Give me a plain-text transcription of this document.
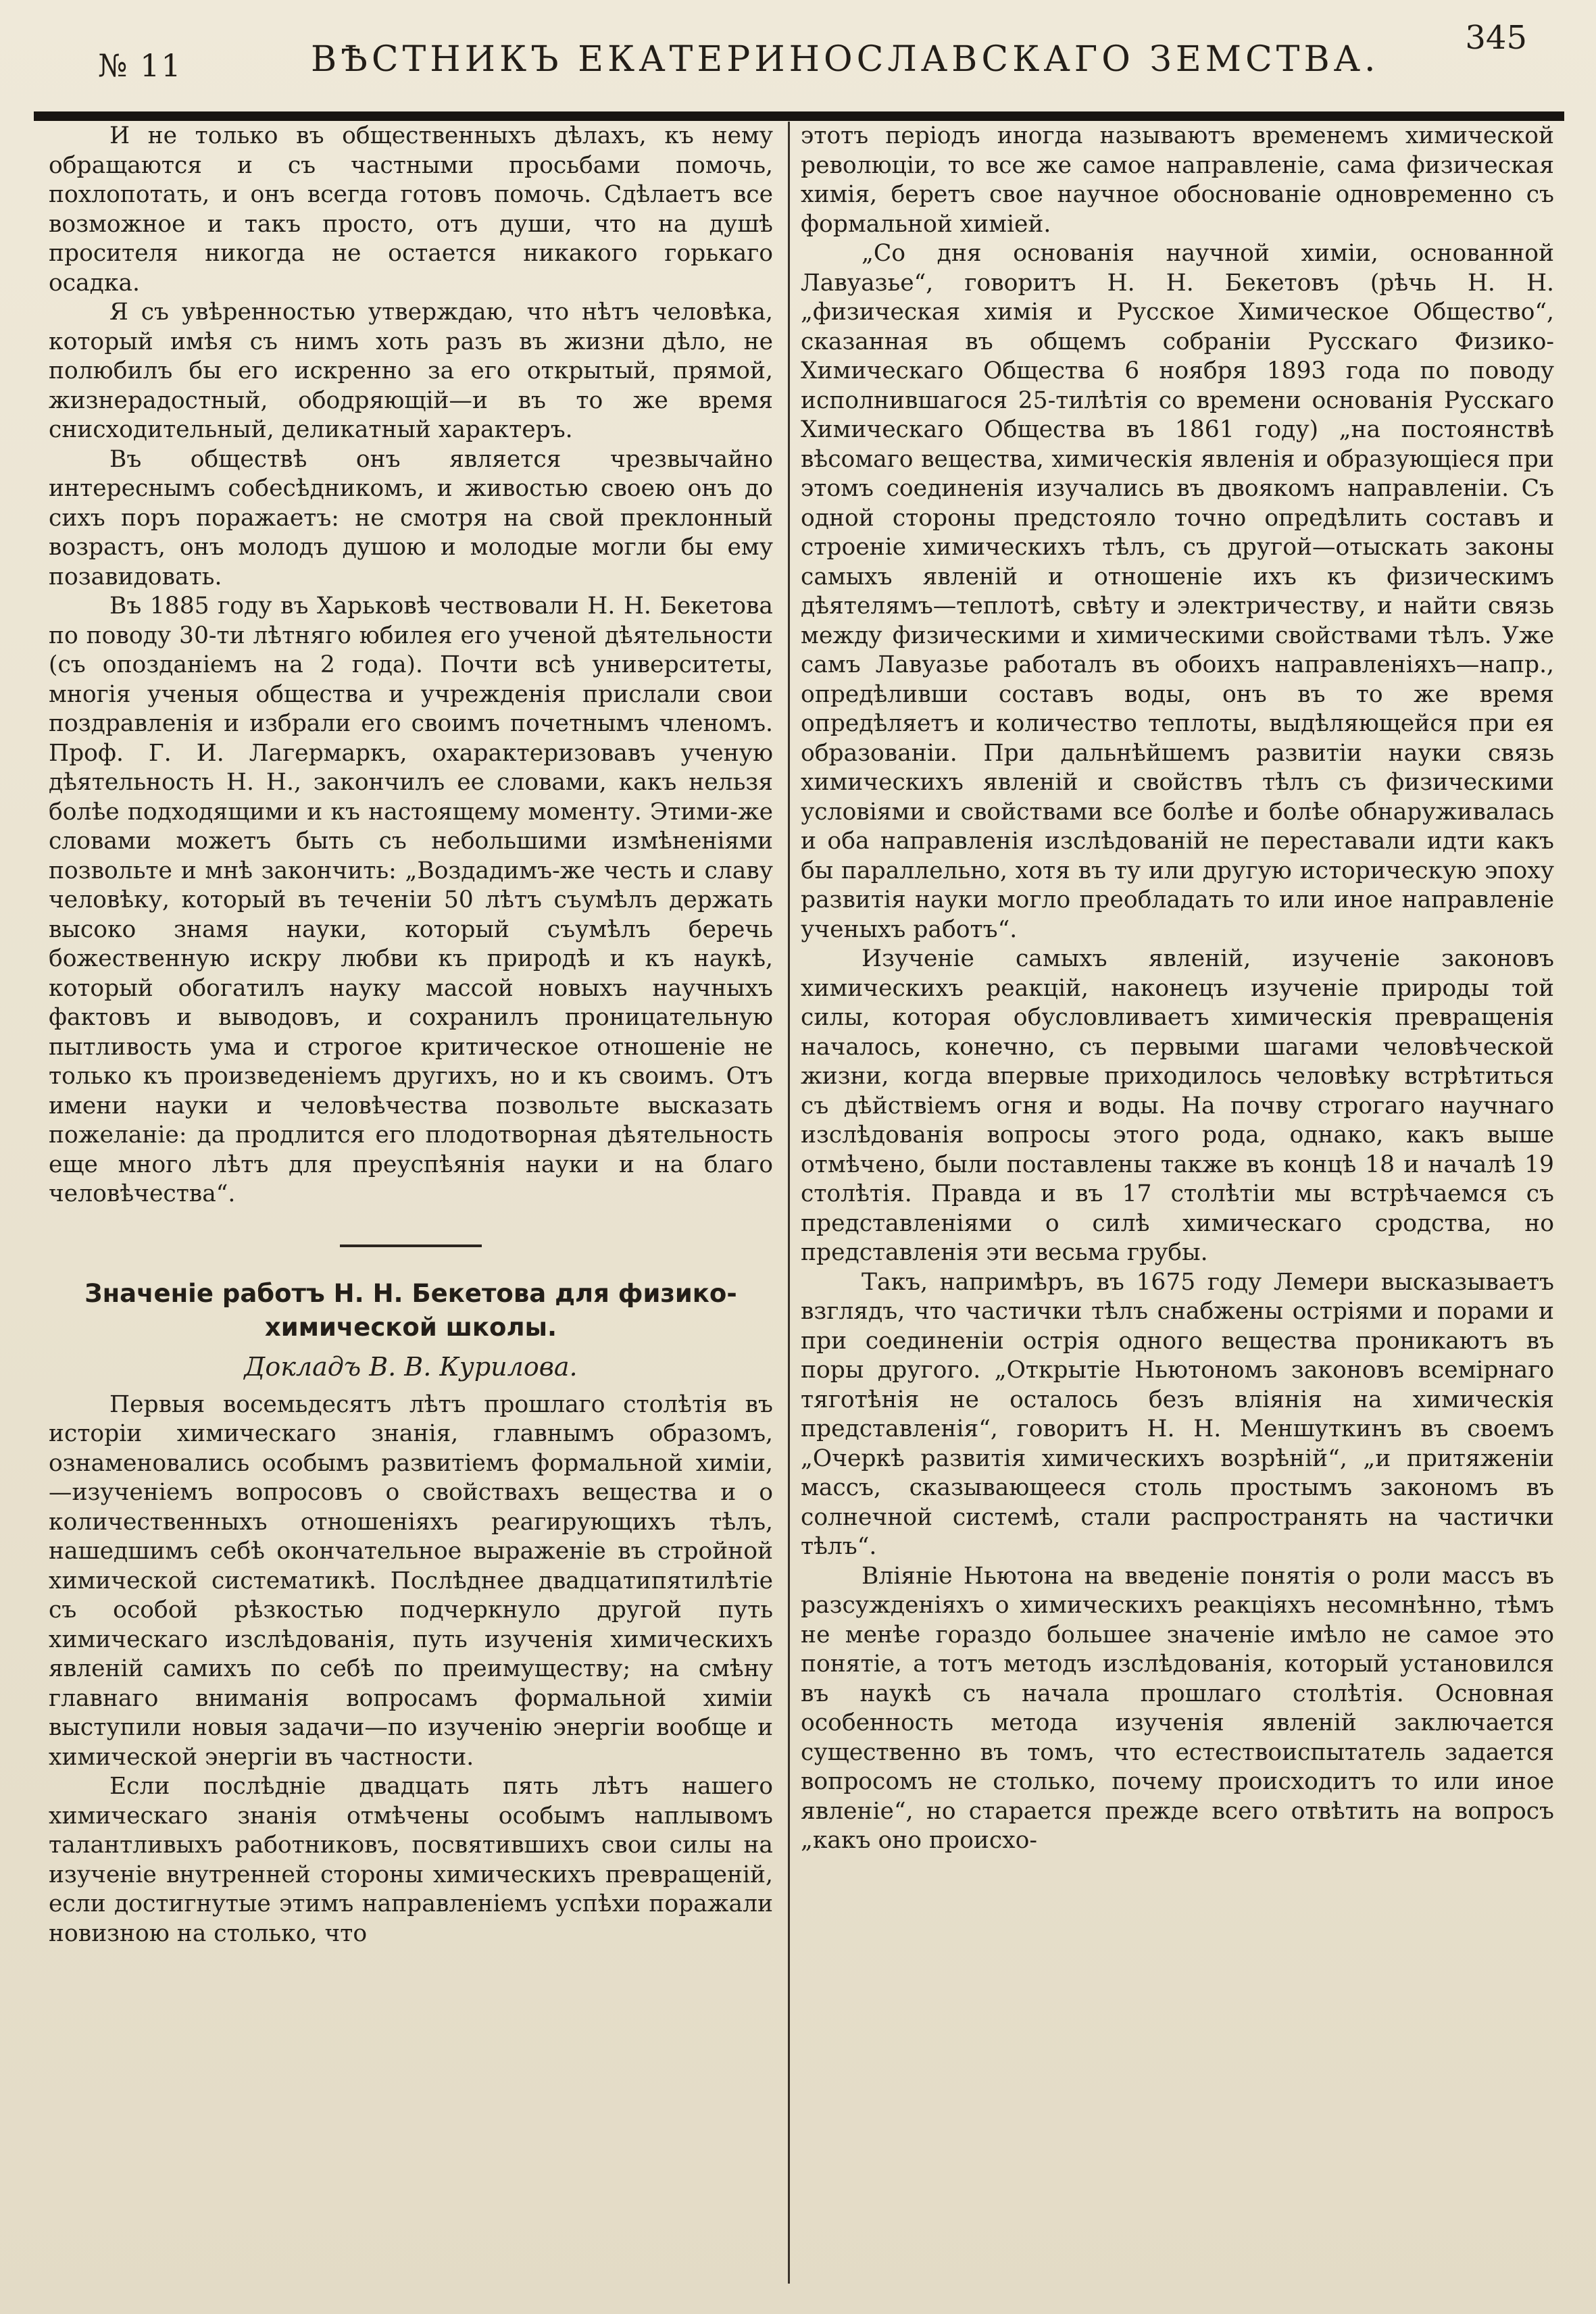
№ 11	ВѢСТНИКЪ ЕКАТЕРИНОСЛАВСКАГО ЗЕМСТВА.
345

И не только въ общественныхъ дѣлахъ, къ нему обращаются и съ частными просьбами помочь, похлопотать, и онъ всегда готовъ помочь. Сдѣлаетъ все возможное и такъ просто, отъ души, что на душѣ просителя никогда не остается никакого горькаго осадка.

Я съ увѣренностью утверждаю, что нѣтъ человѣка, который имѣя съ нимъ хоть разъ въ жизни дѣло, не полюбилъ бы его искренно за его открытый, прямой, жизнерадостный, ободряющій—и въ то же время снисходительный, деликатный характеръ.

Въ обществѣ онъ является чрезвычайно интереснымъ собесѣдникомъ, и живостью своею онъ до сихъ поръ поражаетъ: не смотря на свой преклонный возрастъ, онъ молодъ душою и молодые могли бы ему позавидовать.

Въ 1885 году въ Харьковѣ чествовали Н. Н. Бекетова по поводу 30-ти лѣтняго юбилея его ученой дѣятельности (съ опозданіемъ на 2 года). Почти всѣ университеты, многія ученыя общества и учрежденія прислали свои поздравленія и избрали его своимъ почетнымъ членомъ. Проф. Г. И. Лагермаркъ, охарактеризовавъ ученую дѣятельность Н. Н., закончилъ ее словами, какъ нельзя болѣе подходящими и къ настоящему моменту. Этими-же словами можетъ быть съ небольшими измѣненіями позвольте и мнѣ закончить: „Воздадимъ-же честь и славу человѣку, который въ теченіи 50 лѣтъ съумѣлъ держать высоко знамя науки, который съумѣлъ беречь божественную искру любви къ природѣ и къ наукѣ, который обогатилъ науку массой новыхъ научныхъ фактовъ и выводовъ, и сохранилъ проницательную пытливость ума и строгое критическое отношеніе не только къ произведеніемъ другихъ, но и къ своимъ. Отъ имени науки и человѣчества позвольте высказать пожеланіе: да продлится его плодотворная дѣятельность еще много лѣтъ для преуспѣянія науки и на благо человѣчества“.

Значеніе работъ Н. Н. Бекетова для физико-химической школы.
Докладъ В. В. Курилова.

Первыя восемьдесятъ лѣтъ прошлаго столѣтія въ исторіи химическаго знанія, главнымъ образомъ, ознаменовались особымъ развитіемъ формальной химіи,—изученіемъ вопросовъ о свойствахъ вещества и о количественныхъ отношеніяхъ реагирующихъ тѣлъ, нашедшимъ себѣ окончательное выраженіе въ стройной химической систематикѣ. Послѣднее двадцатипятилѣтіе съ особой рѣзкостью подчеркнуло другой путь химическаго изслѣдованія, путь изученія химическихъ явленій самихъ по себѣ по преимуществу; на смѣну главнаго вниманія вопросамъ формальной химіи выступили новыя задачи—по изученію энергіи вообще и химической энергіи въ частности.

Если послѣдніе двадцать пять лѣтъ нашего химическаго знанія отмѣчены особымъ наплывомъ талантливыхъ работниковъ, посвятившихъ свои силы на изученіе внутренней стороны химическихъ превращеній, если достигнутые этимъ направленіемъ успѣхи поражали новизною на столько, что

этотъ періодъ иногда называютъ временемъ химической революціи, то все же самое направленіе, сама физическая химія, беретъ свое научное обоснованіе одновременно съ формальной химіей.

„Со дня основанія научной химіи, основанной Лавуазье“, говоритъ Н. Н. Бекетовъ (рѣчь Н. Н. „физическая химія и Русское Химическое Общество“, сказанная въ общемъ собраніи Русскаго Физико-Химическаго Общества 6 ноября 1893 года по поводу исполнившагося 25-тилѣтія со времени основанія Русскаго Химическаго Общества въ 1861 году) „на постоянствѣ вѣсомаго вещества, химическія явленія и образующіеся при этомъ соединенія изучались въ двоякомъ направленіи. Съ одной стороны предстояло точно опредѣлить составъ и строеніе химическихъ тѣлъ, съ другой—отыскать законы самыхъ явленій и отношеніе ихъ къ физическимъ дѣятелямъ—теплотѣ, свѣту и электричеству, и найти связь между физическими и химическими свойствами тѣлъ. Уже самъ Лавуазье работалъ въ обоихъ направленіяхъ—напр., опредѣливши составъ воды, онъ въ то же время опредѣляетъ и количество теплоты, выдѣляющейся при ея образованіи. При дальнѣйшемъ развитіи науки связь химическихъ явленій и свойствъ тѣлъ съ физическими условіями и свойствами все болѣе и болѣе обнаруживалась и оба направленія изслѣдованій не переставали идти какъ бы параллельно, хотя въ ту или другую историческую эпоху развитія науки могло преобладать то или иное направленіе ученыхъ работъ“.

Изученіе самыхъ явленій, изученіе законовъ химическихъ реакцій, наконецъ изученіе природы той силы, которая обусловливаетъ химическія превращенія началось, конечно, съ первыми шагами человѣческой жизни, когда впервые приходилось человѣку встрѣтиться съ дѣйствіемъ огня и воды. На почву строгаго научнаго изслѣдованія вопросы этого рода, однако, какъ выше отмѣчено, были поставлены также въ концѣ 18 и началѣ 19 столѣтія. Правда и въ 17 столѣтіи мы встрѣчаемся съ представленіями о силѣ химическаго сродства, но представленія эти весьма грубы.

Такъ, напримѣръ, въ 1675 году Лемери высказываетъ взглядъ, что частички тѣлъ снабжены остріями и порами и при соединеніи острія одного вещества проникаютъ въ поры другого. „Открытіе Ньютономъ законовъ всемірнаго тяготѣнія не осталось безъ вліянія на химическія представленія“, говоритъ Н. Н. Меншуткинъ въ своемъ „Очеркѣ развитія химическихъ возрѣній“, „и притяженіи массъ, сказывающееся столь простымъ закономъ въ солнечной системѣ, стали распространять на частички тѣлъ“.

Вліяніе Ньютона на введеніе понятія о роли массъ въ разсужденіяхъ о химическихъ реакціяхъ несомнѣнно, тѣмъ не менѣе гораздо большее значеніе имѣло не самое это понятіе, а тотъ методъ изслѣдованія, который установился въ наукѣ съ начала прошлаго столѣтія. Основная особенность метода изученія явленій заключается существенно въ томъ, что естествоиспытатель задается вопросомъ не столько, почему происходитъ то или иное явленіе“, но старается прежде всего отвѣтить на вопросъ „какъ оно происхо-
